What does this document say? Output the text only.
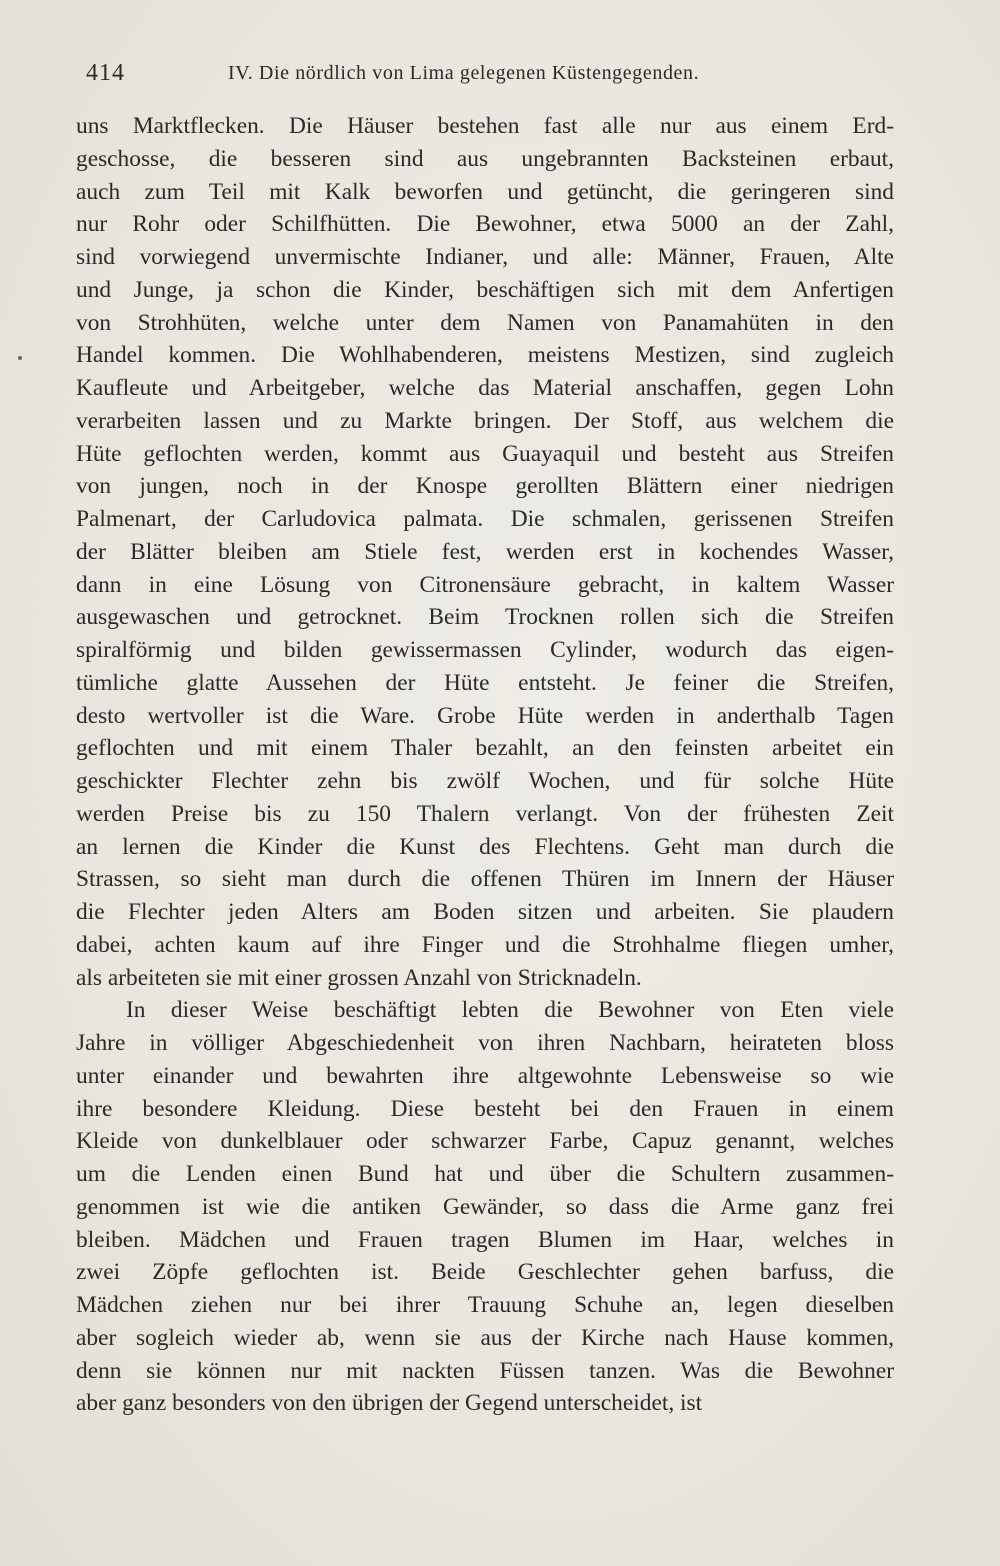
414	IV. Die nördlich von Lima gelegenen Küstengegenden.
uns Marktflecken. Die Häuser bestehen fast alle nur aus einem Erd-
geschosse, die besseren sind aus ungebrannten Backsteinen erbaut,
auch zum Teil mit Kalk beworfen und getüncht, die geringeren sind
nur Rohr oder Schilfhütten. Die Bewohner, etwa 5000 an der Zahl,
sind vorwiegend unvermischte Indianer, und alle: Männer, Frauen, Alte
und Junge, ja schon die Kinder, beschäftigen sich mit dem Anfertigen
von Strohhüten, welche unter dem Namen von Panamahüten in den
Handel kommen. Die Wohlhabenderen, meistens Mestizen, sind zugleich
Kaufleute und Arbeitgeber, welche das Material anschaffen, gegen Lohn
verarbeiten lassen und zu Markte bringen. Der Stoff, aus welchem die
Hüte geflochten werden, kommt aus Guayaquil und besteht aus Streifen
von jungen, noch in der Knospe gerollten Blättern einer niedrigen
Palmenart, der Carludovica palmata. Die schmalen, gerissenen Streifen
der Blätter bleiben am Stiele fest, werden erst in kochendes Wasser,
dann in eine Lösung von Citronensäure gebracht, in kaltem Wasser
ausgewaschen und getrocknet. Beim Trocknen rollen sich die Streifen
spiralförmig und bilden gewissermassen Cylinder, wodurch das eigen-
tümliche glatte Aussehen der Hüte entsteht. Je feiner die Streifen,
desto wertvoller ist die Ware. Grobe Hüte werden in anderthalb Tagen
geflochten und mit einem Thaler bezahlt, an den feinsten arbeitet ein
geschickter Flechter zehn bis zwölf Wochen, und für solche Hüte
werden Preise bis zu 150 Thalern verlangt. Von der frühesten Zeit
an lernen die Kinder die Kunst des Flechtens. Geht man durch die
Strassen, so sieht man durch die offenen Thüren im Innern der Häuser
die Flechter jeden Alters am Boden sitzen und arbeiten. Sie plaudern
dabei, achten kaum auf ihre Finger und die Strohhalme fliegen umher,
als arbeiteten sie mit einer grossen Anzahl von Stricknadeln.
In dieser Weise beschäftigt lebten die Bewohner von Eten viele
Jahre in völliger Abgeschiedenheit von ihren Nachbarn, heirateten bloss
unter einander und bewahrten ihre altgewohnte Lebensweise so wie
ihre besondere Kleidung. Diese besteht bei den Frauen in einem
Kleide von dunkelblauer oder schwarzer Farbe, Capuz genannt, welches
um die Lenden einen Bund hat und über die Schultern zusammen-
genommen ist wie die antiken Gewänder, so dass die Arme ganz frei
bleiben. Mädchen und Frauen tragen Blumen im Haar, welches in
zwei Zöpfe geflochten ist. Beide Geschlechter gehen barfuss, die
Mädchen ziehen nur bei ihrer Trauung Schuhe an, legen dieselben
aber sogleich wieder ab, wenn sie aus der Kirche nach Hause kommen,
denn sie können nur mit nackten Füssen tanzen. Was die Bewohner
aber ganz besonders von den übrigen der Gegend unterscheidet, ist
